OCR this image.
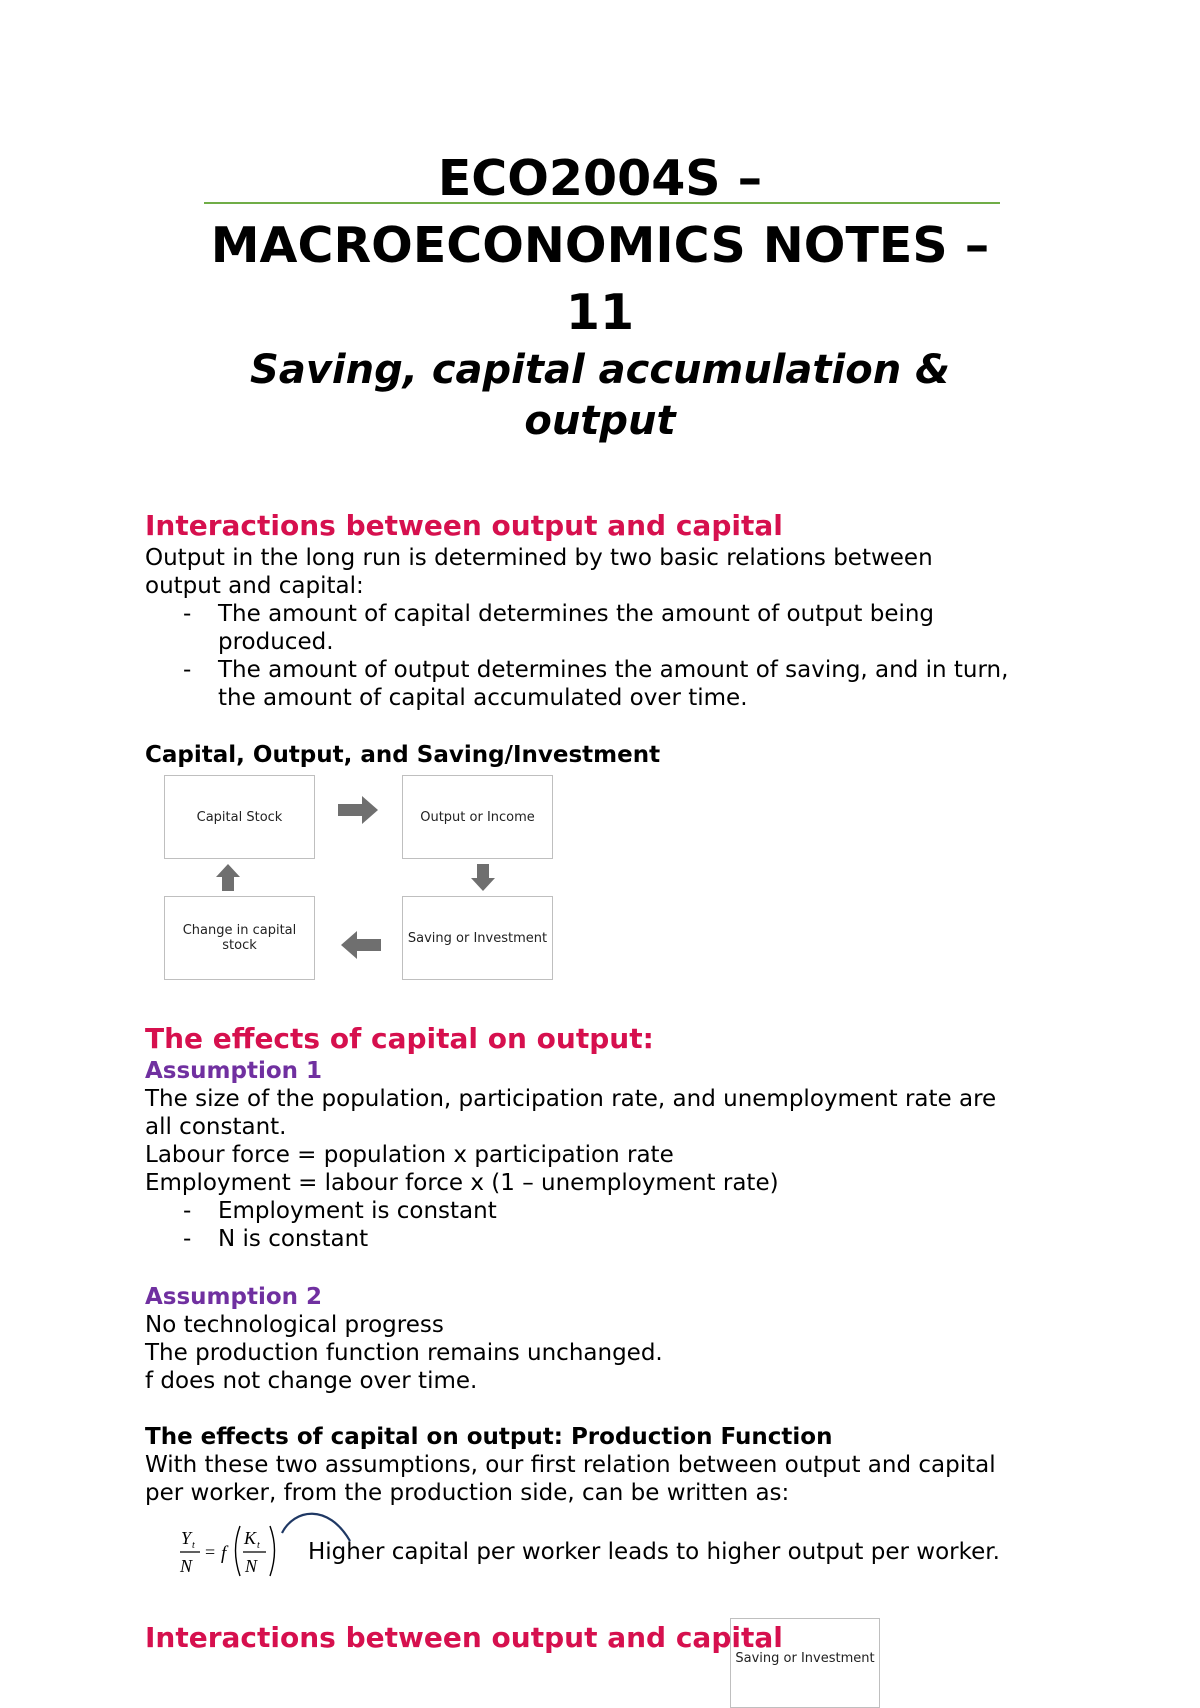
ECO2004S –
MACROECONOMICS NOTES –
11
Saving, capital accumulation &
output
Interactions between output and capital
Output in the long run is determined by two basic relations between
output and capital:
- The amount of capital determines the amount of output being
produced.
- The amount of output determines the amount of saving, and in turn,
the amount of capital accumulated over time.
Capital, Output, and Saving/Investment
Capital Stock	Output or Income
Saving or Investment
Change in capital stock
The effects of capital on output:
Assumption 1
The size of the population, participation rate, and unemployment rate are
all constant.
Labour force = population x participation rate
Employment = labour force x (1 – unemployment rate)
- Employment is constant
- N is constant
Assumption 2
No technological progress
The production function remains unchanged.
f does not change over time.
The effects of capital on output: Production Function
With these two assumptions, our first relation between output and capital
per worker, from the production side, can be written as:
Y t
N
= f
K t
N
Higher capital per worker leads to higher output per worker.
Saving or Investment
Interactions between output and capital
